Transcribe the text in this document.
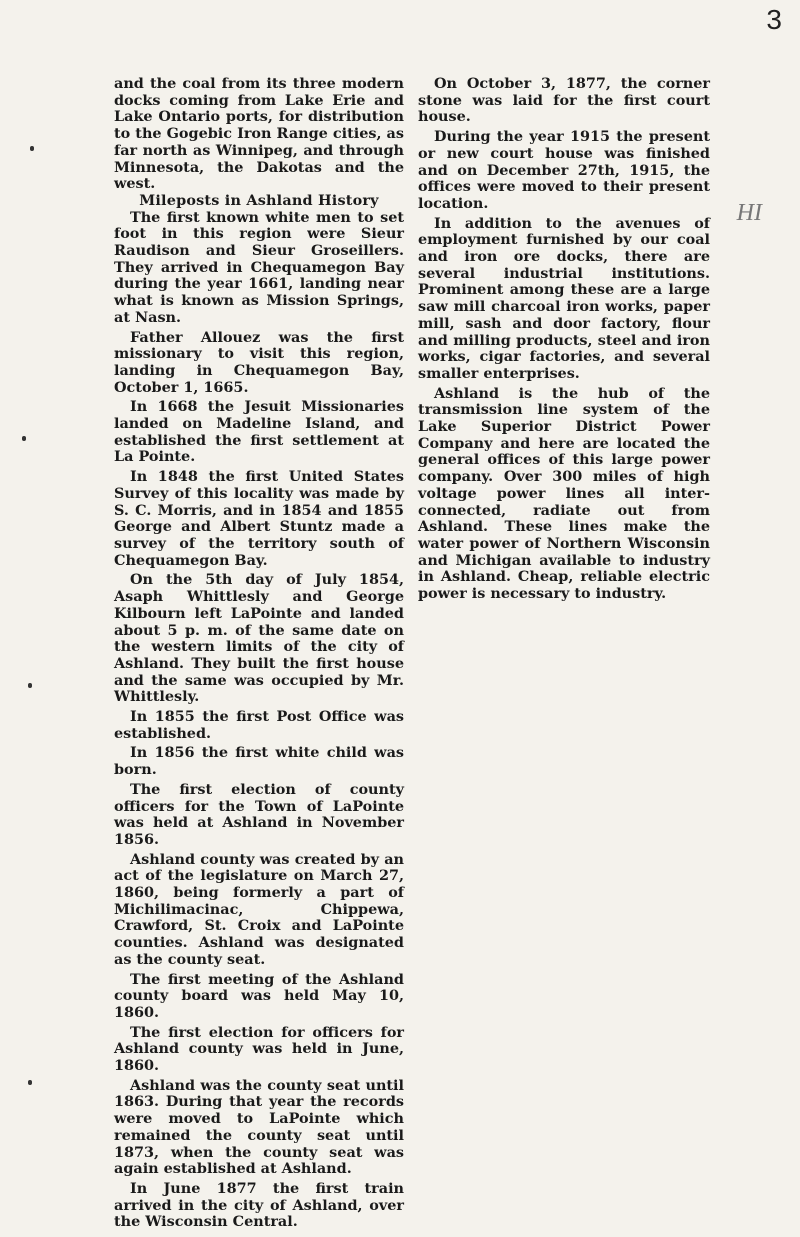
3
HI

and the coal from its three modern docks coming from Lake Erie and Lake Ontario ports, for distribution to the Gogebic Iron Range cities, as far north as Winnipeg, and through Minnesota, the Dakotas and the west.

Mileposts in Ashland History

The first known white men to set foot in this region were Sieur Raudison and Sieur Groseillers. They arrived in Chequamegon Bay during the year 1661, landing near what is known as Mission Springs, at Nasn.

Father Allouez was the first missionary to visit this region, landing in Chequamegon Bay, October 1, 1665.

In 1668 the Jesuit Missionaries landed on Madeline Island, and established the first settlement at La Pointe.

In 1848 the first United States Survey of this locality was made by S. C. Morris, and in 1854 and 1855 George and Albert Stuntz made a survey of the territory south of Chequamegon Bay.

On the 5th day of July 1854, Asaph Whittlesly and George Kilbourn left LaPointe and landed about 5 p. m. of the same date on the western limits of the city of Ashland. They built the first house and the same was occupied by Mr. Whittlesly.

In 1855 the first Post Office was established.

In 1856 the first white child was born.

The first election of county officers for the Town of LaPointe was held at Ashland in November 1856.

Ashland county was created by an act of the legislature on March 27, 1860, being formerly a part of Michilimacinac, Chippewa, Crawford, St. Croix and LaPointe counties. Ashland was designated as the county seat.

The first meeting of the Ashland county board was held May 10, 1860.

The first election for officers for Ashland county was held in June, 1860.

Ashland was the county seat until 1863. During that year the records were moved to LaPointe which remained the county seat until 1873, when the county seat was again established at Ashland.

In June 1877 the first train arrived in the city of Ashland, over the Wisconsin Central.

On October 3, 1877, the corner stone was laid for the first court house.

During the year 1915 the present or new court house was finished and on December 27th, 1915, the offices were moved to their present location.

In addition to the avenues of employment furnished by our coal and iron ore docks, there are several industrial institutions. Prominent among these are a large saw mill charcoal iron works, paper mill, sash and door factory, flour and milling products, steel and iron works, cigar factories, and several smaller enterprises.

Ashland is the hub of the transmission line system of the Lake Superior District Power Company and here are located the general offices of this large power company. Over 300 miles of high voltage power lines all inter-connected, radiate out from Ashland. These lines make the water power of Northern Wisconsin and Michigan available to industry in Ashland. Cheap, reliable electric power is necessary to industry.
